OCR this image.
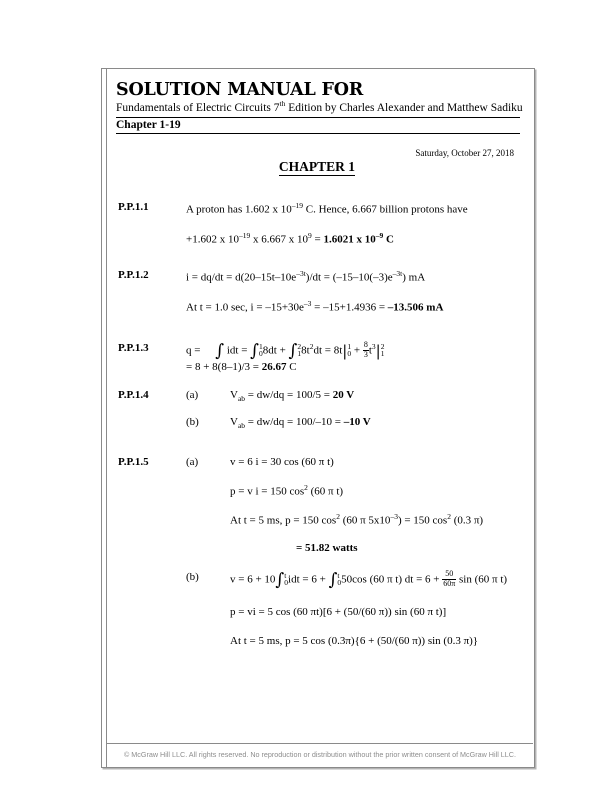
SOLUTION MANUAL FOR
Fundamentals of Electric Circuits 7th Edition by Charles Alexander and Matthew Sadiku
Chapter 1-19
Saturday, October 27, 2018
CHAPTER 1
P.P.1.1	A proton has 1.602 x $10^{-19}$ C. Hence, 6.667 billion protons have
+1.602 x $10^{-19}$ x 6.667 x $10^9 = 1.6021$ x $10^{-9}$ C
P.P.1.2	$i = dq/dt = d(20-15t-10e^{-3t})/dt = (-15-10(-3)e^{-3t})$ mA
At t = 1.0 sec, $i = -15+30e^{-3} = -15+1.4936 = -13.506$ mA
P.P.1.3	q = ∫ idt = ∫ 1
0 8dt + ∫ 2
1 $8t^2dt = 8t|$ 1
$0 + \frac{8}{3} t^3|$ 2
1
= 8 + 8(8–1)/3 = 26.67 C
P.P.1.4	(a)	$V_{ab} = dw/dq = 100/5 = 20$ V
(b)	$V_{ab} = dw/dq = 100/-10 = -10$ V
P.P.1.5	(a)	v = 6 i = 30 cos (60 π t)
p = v i = 150 $\cos^2 (60$ π t)
At t = 5 ms, p = 150 $\cos^2 (60$ π $5x10^{-3}) = 150$ $\cos^2 (0.3$ π)
= 51.82 watts
(b)	v = 6 + 10∫ t
0 idt = 6 + ∫ t
0 50cos (60 π t) dt = $6 + \frac{50}{60\pi}$ sin (60 π t)
p = vi = 5 cos (60 πt)[6 + (50/(60 π)) sin (60 π t)]
At t = 5 ms, p = 5 cos (0.3π){6 + (50/(60 π)) sin (0.3 π)}
© McGraw Hill LLC. All rights reserved. No reproduction or distribution without the prior written consent of McGraw Hill LLC.
